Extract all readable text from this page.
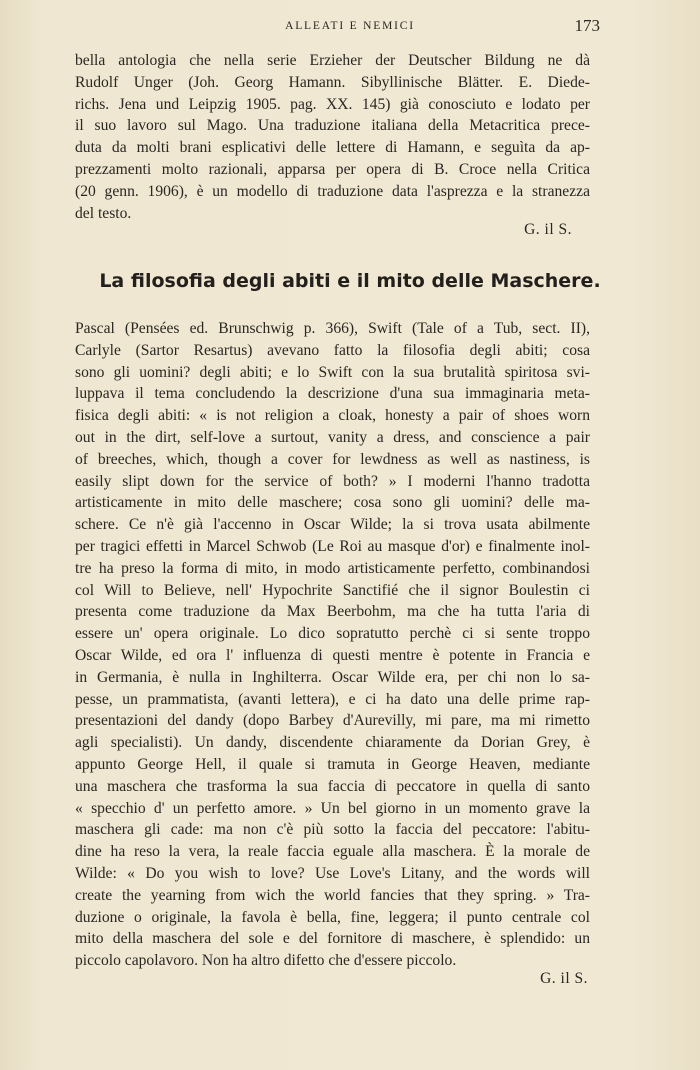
ALLEATI E NEMICI	173
bella antologia che nella serie Erzieher der Deutscher Bildung ne dà
Rudolf Unger (Joh. Georg Hamann. Sibyllinische Blätter. E. Diede-
richs. Jena und Leipzig 1905. pag. XX. 145) già conosciuto e lodato per
il suo lavoro sul Mago. Una traduzione italiana della Metacritica prece-
duta da molti brani esplicativi delle lettere di Hamann, e seguìta da ap-
prezzamenti molto razionali, apparsa per opera di B. Croce nella Critica
(20 genn. 1906), è un modello di traduzione data l'asprezza e la stranezza
del testo.
G. il S.
La filosofia degli abiti e il mito delle Maschere.
Pascal (Pensées ed. Brunschwig p. 366), Swift (Tale of a Tub, sect. II),
Carlyle (Sartor Resartus) avevano fatto la filosofia degli abiti; cosa
sono gli uomini? degli abiti; e lo Swift con la sua brutalità spiritosa svi-
luppava il tema concludendo la descrizione d'una sua immaginaria meta-
fisica degli abiti: « is not religion a cloak, honesty a pair of shoes worn
out in the dirt, self-love a surtout, vanity a dress, and conscience a pair
of breeches, which, though a cover for lewdness as well as nastiness, is
easily slipt down for the service of both? » I moderni l'hanno tradotta
artisticamente in mito delle maschere; cosa sono gli uomini? delle ma-
schere. Ce n'è già l'accenno in Oscar Wilde; la si trova usata abilmente
per tragici effetti in Marcel Schwob (Le Roi au masque d'or) e finalmente inol-
tre ha preso la forma di mito, in modo artisticamente perfetto, combinandosi
col Will to Believe, nell' Hypochrite Sanctifié che il signor Boulestin ci
presenta come traduzione da Max Beerbohm, ma che ha tutta l'aria di
essere un' opera originale. Lo dico sopratutto perchè ci si sente troppo
Oscar Wilde, ed ora l' influenza di questi mentre è potente in Francia e
in Germania, è nulla in Inghilterra. Oscar Wilde era, per chi non lo sa-
pesse, un prammatista, (avanti lettera), e ci ha dato una delle prime rap-
presentazioni del dandy (dopo Barbey d'Aurevilly, mi pare, ma mi rimetto
agli specialisti). Un dandy, discendente chiaramente da Dorian Grey, è
appunto George Hell, il quale si tramuta in George Heaven, mediante
una maschera che trasforma la sua faccia di peccatore in quella di santo
« specchio d' un perfetto amore. » Un bel giorno in un momento grave la
maschera gli cade: ma non c'è più sotto la faccia del peccatore: l'abitu-
dine ha reso la vera, la reale faccia eguale alla maschera. È la morale de
Wilde: « Do you wish to love? Use Love's Litany, and the words will
create the yearning from wich the world fancies that they spring. » Tra-
duzione o originale, la favola è bella, fine, leggera; il punto centrale col
mito della maschera del sole e del fornitore di maschere, è splendido: un
piccolo capolavoro. Non ha altro difetto che d'essere piccolo.
G. il S.
